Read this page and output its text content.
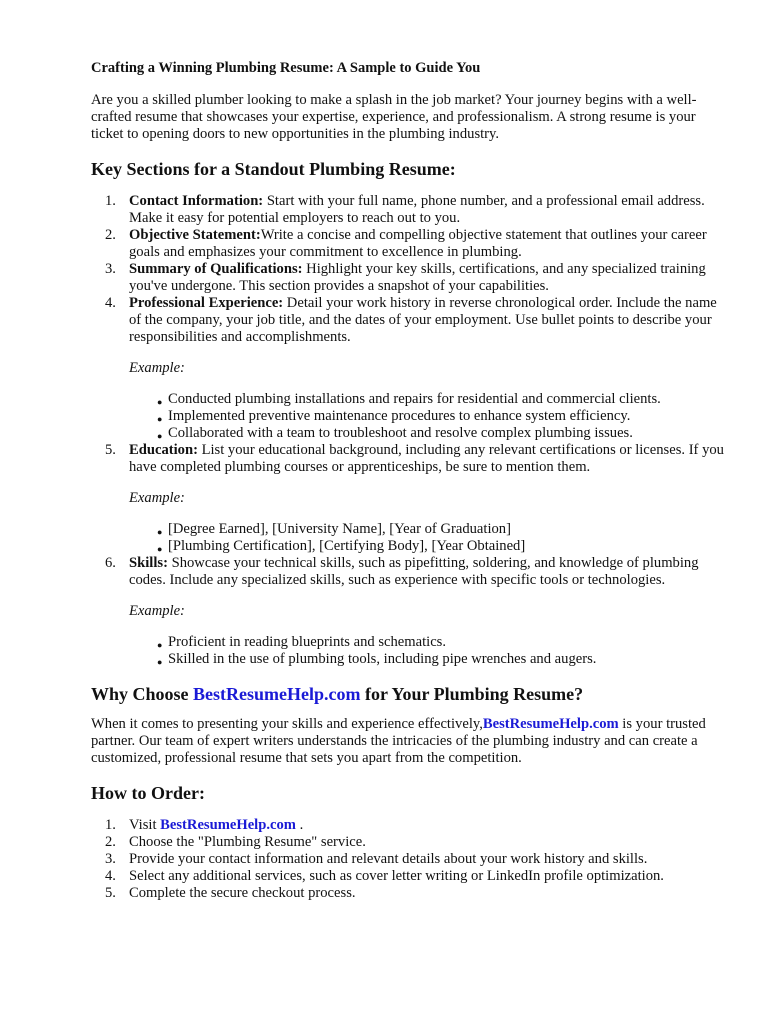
Crafting a Winning Plumbing Resume: A Sample to Guide You

Are you a skilled plumber looking to make a splash in the job market? Your journey begins with a well-crafted resume that showcases your expertise, experience, and professionalism. A strong resume is your ticket to opening doors to new opportunities in the plumbing industry.

Key Sections for a Standout Plumbing Resume:
1. Contact Information: Start with your full name, phone number, and a professional email address. Make it easy for potential employers to reach out to you.
2. Objective Statement:Write a concise and compelling objective statement that outlines your career goals and emphasizes your commitment to excellence in plumbing.
3. Summary of Qualifications: Highlight your key skills, certifications, and any specialized training you've undergone. This section provides a snapshot of your capabilities.
4. Professional Experience: Detail your work history in reverse chronological order. Include the name of the company, your job title, and the dates of your employment. Use bullet points to describe your responsibilities and accomplishments.
Example:
● Conducted plumbing installations and repairs for residential and commercial clients.
● Implemented preventive maintenance procedures to enhance system efficiency.
● Collaborated with a team to troubleshoot and resolve complex plumbing issues.
5. Education: List your educational background, including any relevant certifications or licenses. If you have completed plumbing courses or apprenticeships, be sure to mention them.
Example:
● [Degree Earned], [University Name], [Year of Graduation]
● [Plumbing Certification], [Certifying Body], [Year Obtained]
6. Skills: Showcase your technical skills, such as pipefitting, soldering, and knowledge of plumbing codes. Include any specialized skills, such as experience with specific tools or technologies.
Example:
● Proficient in reading blueprints and schematics.
● Skilled in the use of plumbing tools, including pipe wrenches and augers.
Why Choose BestResumeHelp.com for Your Plumbing Resume?

When it comes to presenting your skills and experience effectively,BestResumeHelp.com is your trusted partner. Our team of expert writers understands the intricacies of the plumbing industry and can create a customized, professional resume that sets you apart from the competition.

How to Order:
1. Visit BestResumeHelp.com .
2. Choose the "Plumbing Resume" service.
3. Provide your contact information and relevant details about your work history and skills.
4. Select any additional services, such as cover letter writing or LinkedIn profile optimization.
5. Complete the secure checkout process.
